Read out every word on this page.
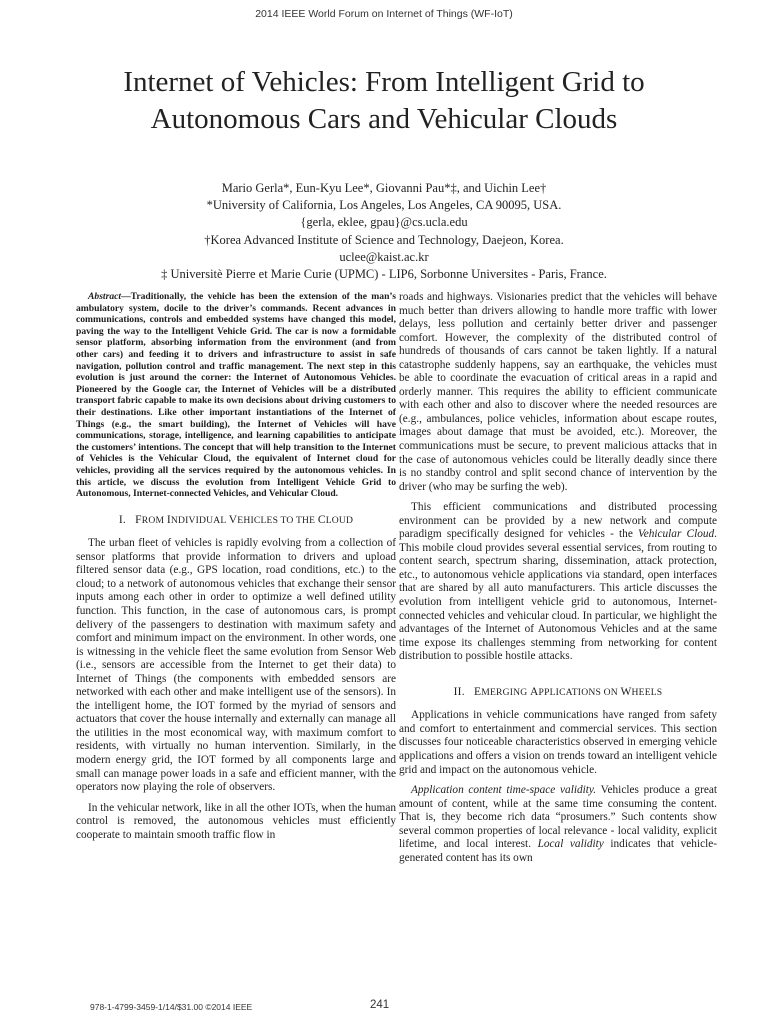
2014 IEEE World Forum on Internet of Things (WF-IoT)
Internet of Vehicles: From Intelligent Grid to
Autonomous Cars and Vehicular Clouds
Mario Gerla*, Eun-Kyu Lee*, Giovanni Pau*‡, and Uichin Lee†
*University of California, Los Angeles, Los Angeles, CA 90095, USA.
{gerla, eklee, gpau}@cs.ucla.edu
†Korea Advanced Institute of Science and Technology, Daejeon, Korea.
uclee@kaist.ac.kr
‡ Universitè Pierre et Marie Curie (UPMC) - LIP6, Sorbonne Universites - Paris, France.

Abstract—Traditionally, the vehicle has been the extension of the man’s ambulatory system, docile to the driver’s commands. Recent advances in communications, controls and embedded systems have changed this model, paving the way to the Intelligent Vehicle Grid. The car is now a formidable sensor platform, absorbing information from the environment (and from other cars) and feeding it to drivers and infrastructure to assist in safe navigation, pollution control and traffic management. The next step in this evolution is just around the corner: the Internet of Autonomous Vehicles. Pioneered by the Google car, the Internet of Vehicles will be a distributed transport fabric capable to make its own decisions about driving customers to their destinations. Like other important instantiations of the Internet of Things (e.g., the smart building), the Internet of Vehicles will have communications, storage, intelligence, and learning capabilities to anticipate the customers’ intentions. The concept that will help transition to the Internet of Vehicles is the Vehicular Cloud, the equivalent of Internet cloud for vehicles, providing all the services required by the autonomous vehicles. In this article, we discuss the evolution from Intelligent Vehicle Grid to Autonomous, Internet-connected Vehicles, and Vehicular Cloud.

I. FROM INDIVIDUAL VEHICLES TO THE CLOUD

The urban fleet of vehicles is rapidly evolving from a collection of sensor platforms that provide information to drivers and upload filtered sensor data (e.g., GPS location, road conditions, etc.) to the cloud; to a network of autonomous vehicles that exchange their sensor inputs among each other in order to optimize a well defined utility function. This function, in the case of autonomous cars, is prompt delivery of the passengers to destination with maximum safety and comfort and minimum impact on the environment. In other words, one is witnessing in the vehicle fleet the same evolution from Sensor Web (i.e., sensors are accessible from the Internet to get their data) to Internet of Things (the components with embedded sensors are networked with each other and make intelligent use of the sensors). In the intelligent home, the IOT formed by the myriad of sensors and actuators that cover the house internally and externally can manage all the utilities in the most economical way, with maximum comfort to residents, with virtually no human intervention. Similarly, in the modern energy grid, the IOT formed by all components large and small can manage power loads in a safe and efficient manner, with the operators now playing the role of observers.

In the vehicular network, like in all the other IOTs, when the human control is removed, the autonomous vehicles must efficiently cooperate to maintain smooth traffic flow in

roads and highways. Visionaries predict that the vehicles will behave much better than drivers allowing to handle more traffic with lower delays, less pollution and certainly better driver and passenger comfort. However, the complexity of the distributed control of hundreds of thousands of cars cannot be taken lightly. If a natural catastrophe suddenly happens, say an earthquake, the vehicles must be able to coordinate the evacuation of critical areas in a rapid and orderly manner. This requires the ability to efficient communicate with each other and also to discover where the needed resources are (e.g., ambulances, police vehicles, information about escape routes, images about damage that must be avoided, etc.). Moreover, the communications must be secure, to prevent malicious attacks that in the case of autonomous vehicles could be literally deadly since there is no standby control and split second chance of intervention by the driver (who may be surfing the web).

This efficient communications and distributed processing environment can be provided by a new network and compute paradigm specifically designed for vehicles - the Vehicular Cloud. This mobile cloud provides several essential services, from routing to content search, spectrum sharing, dissemination, attack protection, etc., to autonomous vehicle applications via standard, open interfaces that are shared by all auto manufacturers. This article discusses the evolution from intelligent vehicle grid to autonomous, Internet-connected vehicles and vehicular cloud. In particular, we highlight the advantages of the Internet of Autonomous Vehicles and at the same time expose its challenges stemming from networking for content distribution to possible hostile attacks.

II. EMERGING APPLICATIONS ON WHEELS

Applications in vehicle communications have ranged from safety and comfort to entertainment and commercial services. This section discusses four noticeable characteristics observed in emerging vehicle applications and offers a vision on trends toward an intelligent vehicle grid and impact on the autonomous vehicle.

Application content time-space validity. Vehicles produce a great amount of content, while at the same time consuming the content. That is, they become rich data “prosumers.” Such contents show several common properties of local relevance - local validity, explicit lifetime, and local interest. Local validity indicates that vehicle-generated content has its own

978-1-4799-3459-1/14/$31.00 ©2014 IEEE	241
